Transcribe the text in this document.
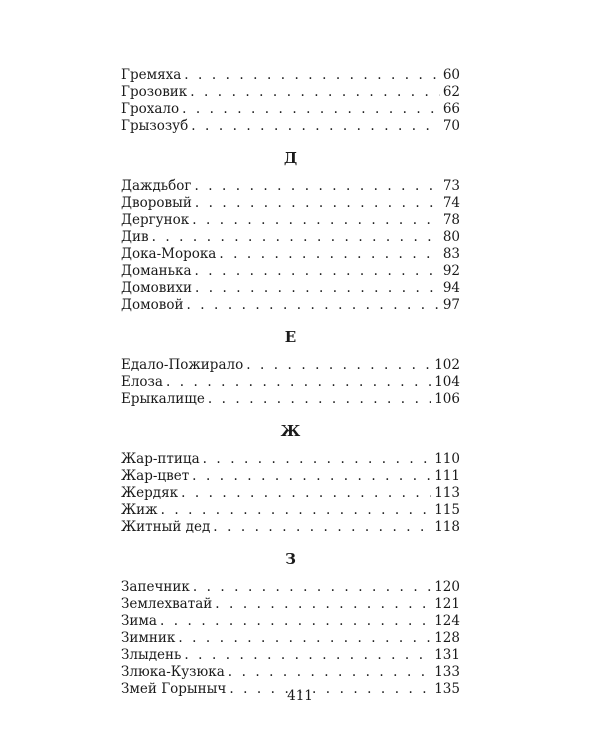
Гремяха . . .	60
Грозовик . . .	62
Грохало . . .	66
Грызозуб . . .	70
Д
Даждьбог . . .	73
Дворовый . . .	74
Дергунок . . .	78
Див . . .	80
Дока-Морока . . .	83
Доманька . . .	92
Домовихи . . .	94
Домовой . . .	97
Е
Едало-Пожирало . . .	102
Елоза . . .	104
Ерыкалище . . .	106
Ж
Жар-птица . . .	110
Жар-цвет . . .	111
Жердяк . . .	113
Жиж . . .	115
Житный дед . . .	118
З
Запечник . . .	120
Землехватай . . .	121
Зима . . .	124
Зимник . . .	128
Злыдень . . .	131
Злюка-Кузюка . . .	133
Змей Горыныч . . .	135
411
